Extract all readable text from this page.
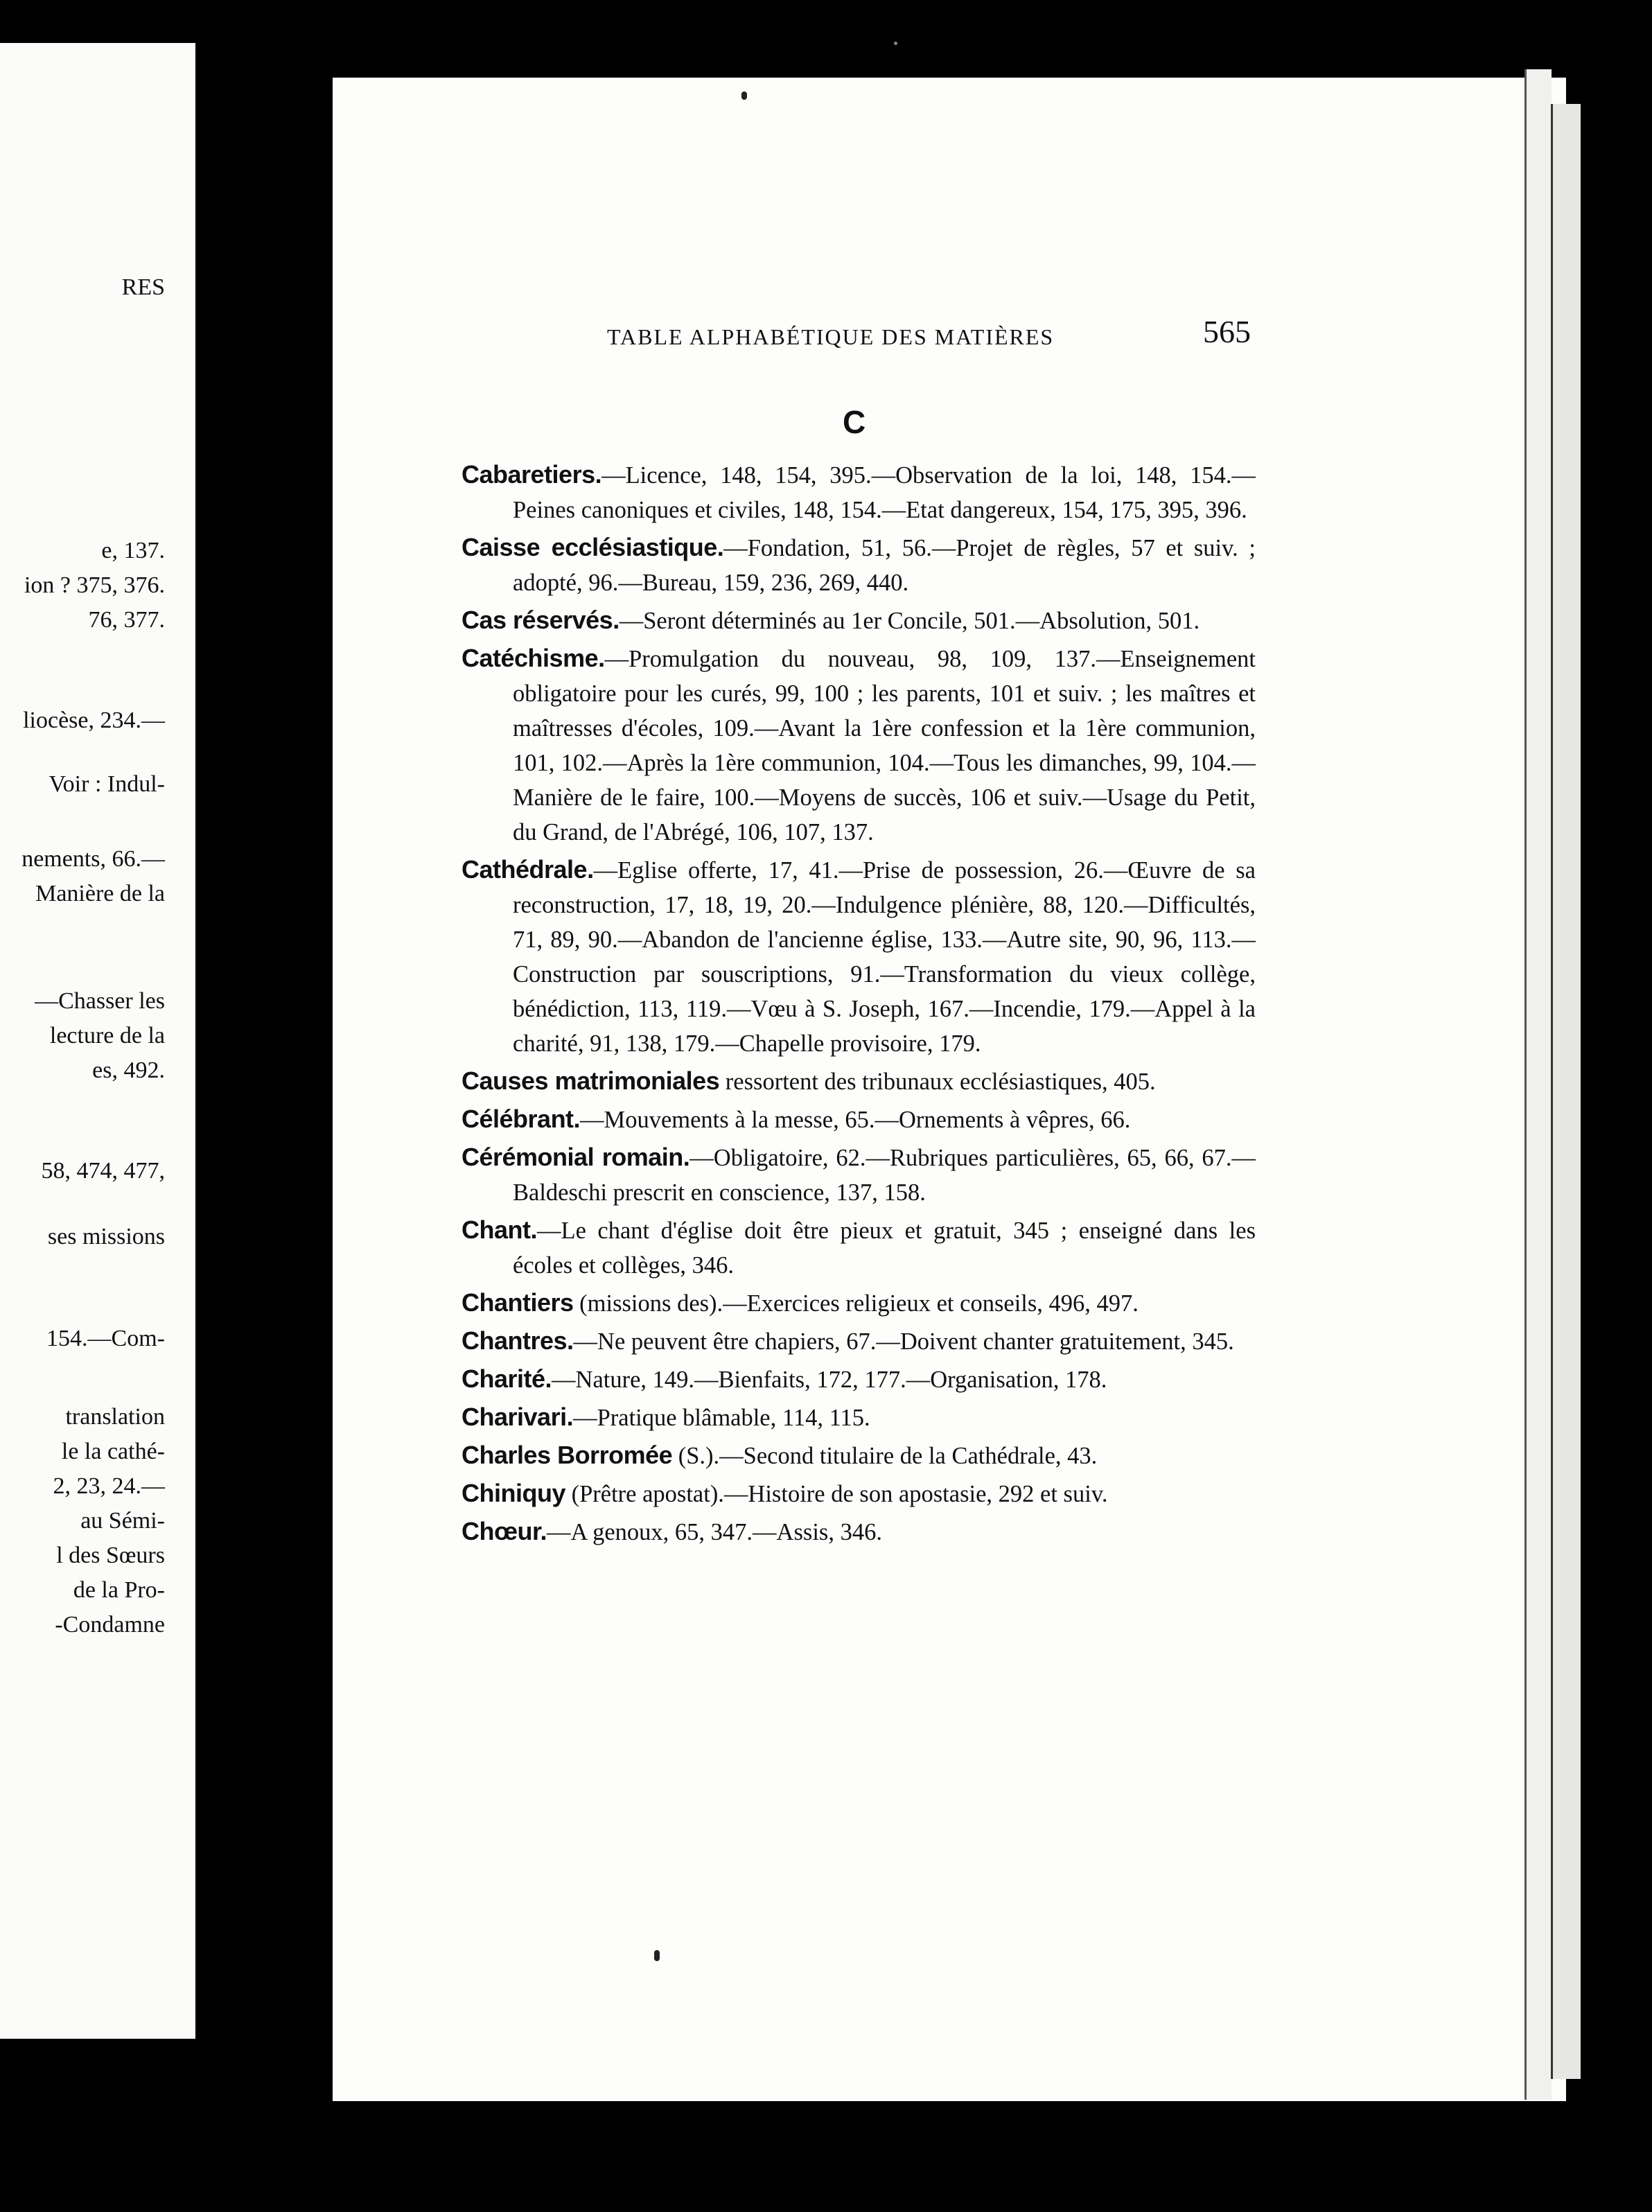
RES
e, 137.
ion ? 375, 376.
76, 377.
liocèse, 234.—
Voir : Indul-
nements, 66.—
Manière de la
—Chasser les
lecture de la
es, 492.
58, 474, 477,
ses missions
154.—Com-
translation
le la cathé-
2, 23, 24.—
au Sémi-
l des Sœurs
de la Pro-
-Condamne
TABLE ALPHABÉTIQUE DES MATIÈRES	565
C

Cabaretiers.—Licence, 148, 154, 395.—Observation de la loi, 148, 154.—Peines canoniques et civiles, 148, 154.—Etat dangereux, 154, 175, 395, 396.

Caisse ecclésiastique.—Fondation, 51, 56.—Projet de règles, 57 et suiv. ; adopté, 96.—Bureau, 159, 236, 269, 440.

Cas réservés.—Seront déterminés au 1er Concile, 501.—Absolution, 501.

Catéchisme.—Promulgation du nouveau, 98, 109, 137.—Enseignement obligatoire pour les curés, 99, 100 ; les parents, 101 et suiv. ; les maîtres et maîtresses d'écoles, 109.—Avant la 1ère confession et la 1ère communion, 101, 102.—Après la 1ère communion, 104.—Tous les dimanches, 99, 104.—Manière de le faire, 100.—Moyens de succès, 106 et suiv.—Usage du Petit, du Grand, de l'Abrégé, 106, 107, 137.

Cathédrale.—Eglise offerte, 17, 41.—Prise de possession, 26.—Œuvre de sa reconstruction, 17, 18, 19, 20.—Indulgence plénière, 88, 120.—Difficultés, 71, 89, 90.—Abandon de l'ancienne église, 133.—Autre site, 90, 96, 113.—Construction par souscriptions, 91.—Transformation du vieux collège, bénédiction, 113, 119.—Vœu à S. Joseph, 167.—Incendie, 179.—Appel à la charité, 91, 138, 179.—Chapelle provisoire, 179.

Causes matrimoniales ressortent des tribunaux ecclésiastiques, 405.

Célébrant.—Mouvements à la messe, 65.—Ornements à vêpres, 66.

Cérémonial romain.—Obligatoire, 62.—Rubriques particulières, 65, 66, 67.—Baldeschi prescrit en conscience, 137, 158.

Chant.—Le chant d'église doit être pieux et gratuit, 345 ; enseigné dans les écoles et collèges, 346.

Chantiers (missions des).—Exercices religieux et conseils, 496, 497.

Chantres.—Ne peuvent être chapiers, 67.—Doivent chanter gratuitement, 345.

Charité.—Nature, 149.—Bienfaits, 172, 177.—Organisation, 178.

Charivari.—Pratique blâmable, 114, 115.

Charles Borromée (S.).—Second titulaire de la Cathédrale, 43.

Chiniquy (Prêtre apostat).—Histoire de son apostasie, 292 et suiv.

Chœur.—A genoux, 65, 347.—Assis, 346.
